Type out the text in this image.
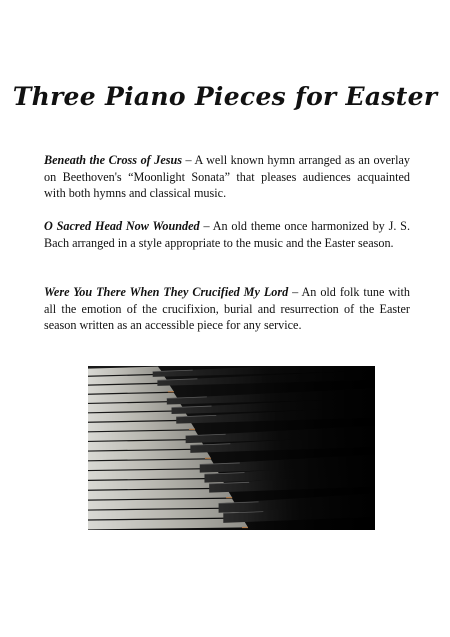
Three Piano Pieces for Easter

Beneath the Cross of Jesus – A well known hymn arranged as an overlay on Beethoven's “Moonlight Sonata” that pleases audiences acquainted with both hymns and classical music.

O Sacred Head Now Wounded – An old theme once harmonized by J. S. Bach arranged in a style appropriate to the music and the Easter season.

Were You There When They Crucified My Lord – An old folk tune with all the emotion of the crucifixion, burial and resurrection of the Easter season written as an accessible piece for any service.
